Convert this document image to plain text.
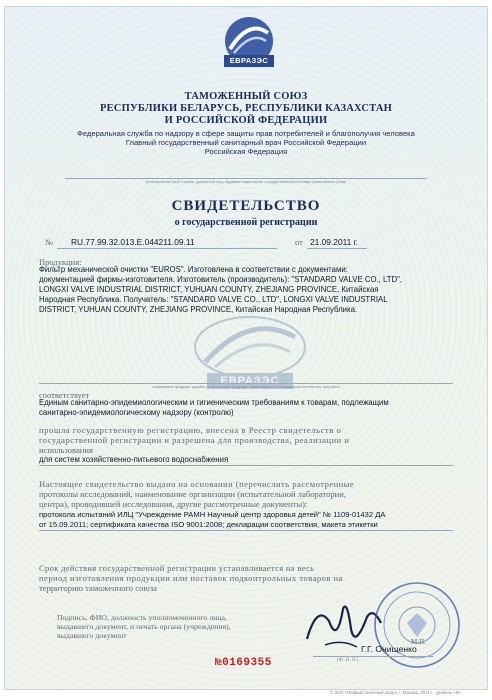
ЕВРАЗЭС
ЕВРАЗЭС
ТАМОЖЕННЫЙ СОЮЗ
РЕСПУБЛИКИ БЕЛАРУСЬ, РЕСПУБЛИКИ КАЗАХСТАН
И РОССИЙСКОЙ ФЕДЕРАЦИИ
Федеральная служба по надзору в сфере защиты прав потребителей и благополучия человека
Главный государственный санитарный врач Российской Федерации
Российская Федерация
уполномоченный орган Стороны, должностное лицо, выдавшее свидетельство о государственной регистрации (наименование органа)
СВИДЕТЕЛЬСТВО
о государственной регистрации
№ RU.77.99.32.013.Е.044211.09.11	от 21.09.2011 г.
Продукция:
Фильтр механической очистки "EUROS". Изготовлена в соответствии с документами:
документацией фирмы-изготовителя. Изготовитель (производитель): "STANDARD VALVE CO., LTD",
LONGXI VALVE INDUSTRIAL DISTRICT, YUHUAN COUNTY, ZHEJIANG PROVINCE, Китайская
Народная Республика. Получатель: "STANDARD VALVE CO., LTD", LONGXI VALVE INDUSTRIAL
DISTRICT, YUHUAN COUNTY, ZHEJIANG PROVINCE, Китайская Народная Республика.
наименование продукции, документ на изготовление продукции, наименование и местонахождение изготовителя, получателя
соответствует
Единым санитарно-эпидемиологическим и гигиеническим требованиям к товарам, подлежащим
санитарно-эпидемиологическому надзору (контролю)
прошла государственную регистрацию, внесена в Реестр свидетельств о
государственной регистрации и разрешена для производства, реализации и
использования
для систем хозяйственно-питьевого водоснабжения
Настоящее свидетельство выдано на основании (перечислить рассмотренные
протоколы исследований, наименование организации (испытательной лаборатории,
центра), проводившей исследования, другие рассмотренные документы):
протокола испытаний ИЛЦ "Учреждение РАМН Научный центр здоровья детей" № 1109-01432 ДА
от 15.09.2011; сертификата качества ISO 9001:2008; декларации соответствия, макета этикетки
Срок действия государственной регистрации устанавливается на весь
период изготовления продукции или поставок подконтрольных товаров на
территорию таможенного союза
Подпись, ФИО, должность уполномоченного лица,
выдавшего документ, и печать органа (учреждения),
выдавшего документ
М.П.
Г.Г. Онищенко
(Ф. И. О.)
№0169355
© ЗАО «Первый печатный двор», г. Москва, 2011 г., уровень «В»
